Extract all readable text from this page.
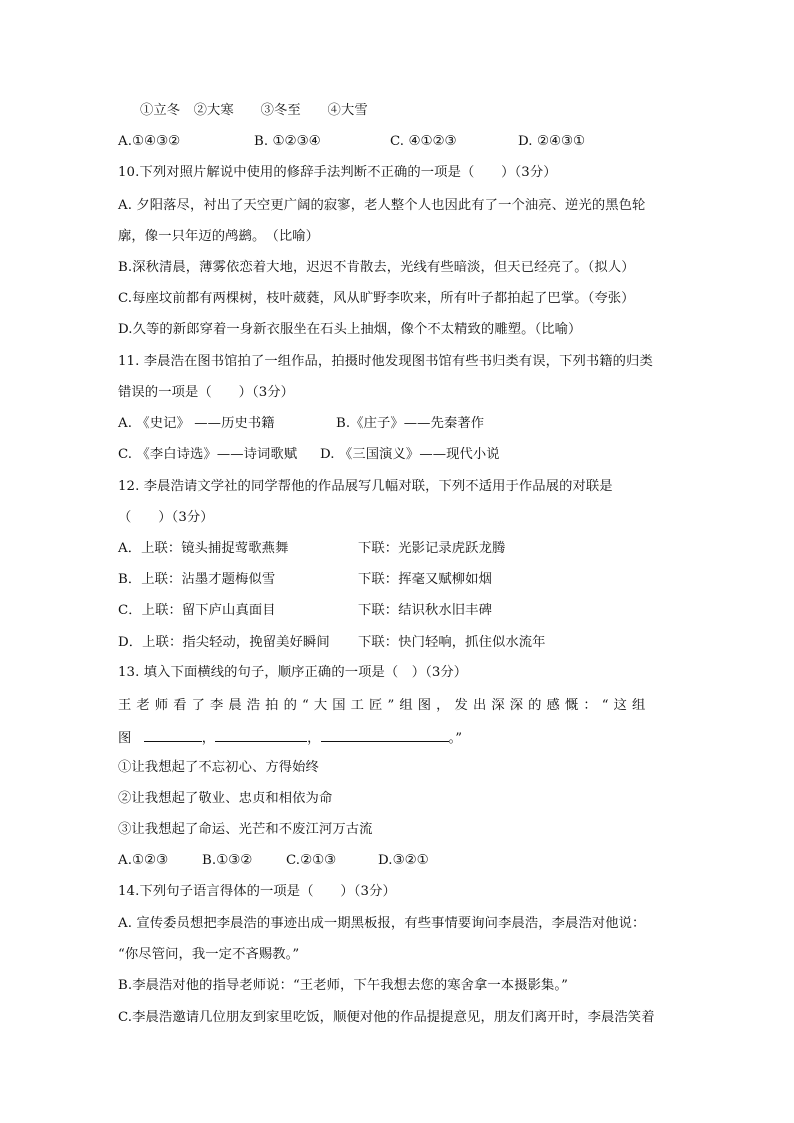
①立冬　②大寒　　③冬至　　④大雪
A.①④③②	B. ①②③④	C. ④①②③	D. ②④③①
10.下列对照片解说中使用的修辞手法判断不正确的一项是（　　）（3分）
A. 夕阳落尽，衬出了天空更广阔的寂寥，老人整个人也因此有了一个油亮、逆光的黑色轮
廓，像一只年迈的鸬鹚。　（比喻）
B.深秋清晨，薄雾依恋着大地，迟迟不肯散去，光线有些暗淡，但天已经亮了。（拟人）
C.每座坟前都有两棵树，枝叶葳蕤，风从旷野李吹来，所有叶子都拍起了巴掌。（夸张）
D.久等的新郎穿着一身新衣服坐在石头上抽烟，像个不太精致的雕塑。（比喻）
11. 李晨浩在图书馆拍了一组作品，拍摄时他发现图书馆有些书归类有误，下列书籍的归类
错误的一项是（　　）（3分）
A. 《史记》 ——历史书籍	B.《庄子》——先秦著作
C. 《李白诗选》——诗词歌赋 D. 《三国演义》——现代小说
12. 李晨浩请文学社的同学帮他的作品展写几幅对联，下列不适用于作品展的对联是
（　　）（3分）
A．上联：镜头捕捉莺歌燕舞	下联：光影记录虎跃龙腾
B．上联：沾墨才题梅似雪	下联：挥毫又赋柳如烟
C．上联：留下庐山真面目	下联：结识秋水旧丰碑
D．上联：指尖轻动，挽留美好瞬间 下联：快门轻响，抓住似水流年
13. 填入下面横线的句子，顺序正确的一项是（　）（3分）
王老师看了李晨浩拍的“大国工匠”组图，发出深深的感慨：“这组
图	，	，	。”
①让我想起了不忘初心、方得始终
②让我想起了敬业、忠贞和相依为命
③让我想起了命运、光芒和不废江河万古流
A.①②③	B.①③②	C.②①③	D.③②①
14.下列句子语言得体的一项是（　　）（3分）
A. 宣传委员想把李晨浩的事迹出成一期黑板报，有些事情要询问李晨浩，李晨浩对他说：
“你尽管问，我一定不吝赐教。”
B.李晨浩对他的指导老师说：“王老师，下午我想去您的寒舍拿一本摄影集。”
C.李晨浩邀请几位朋友到家里吃饭，顺便对他的作品提提意见，朋友们离开时，李晨浩笑着
